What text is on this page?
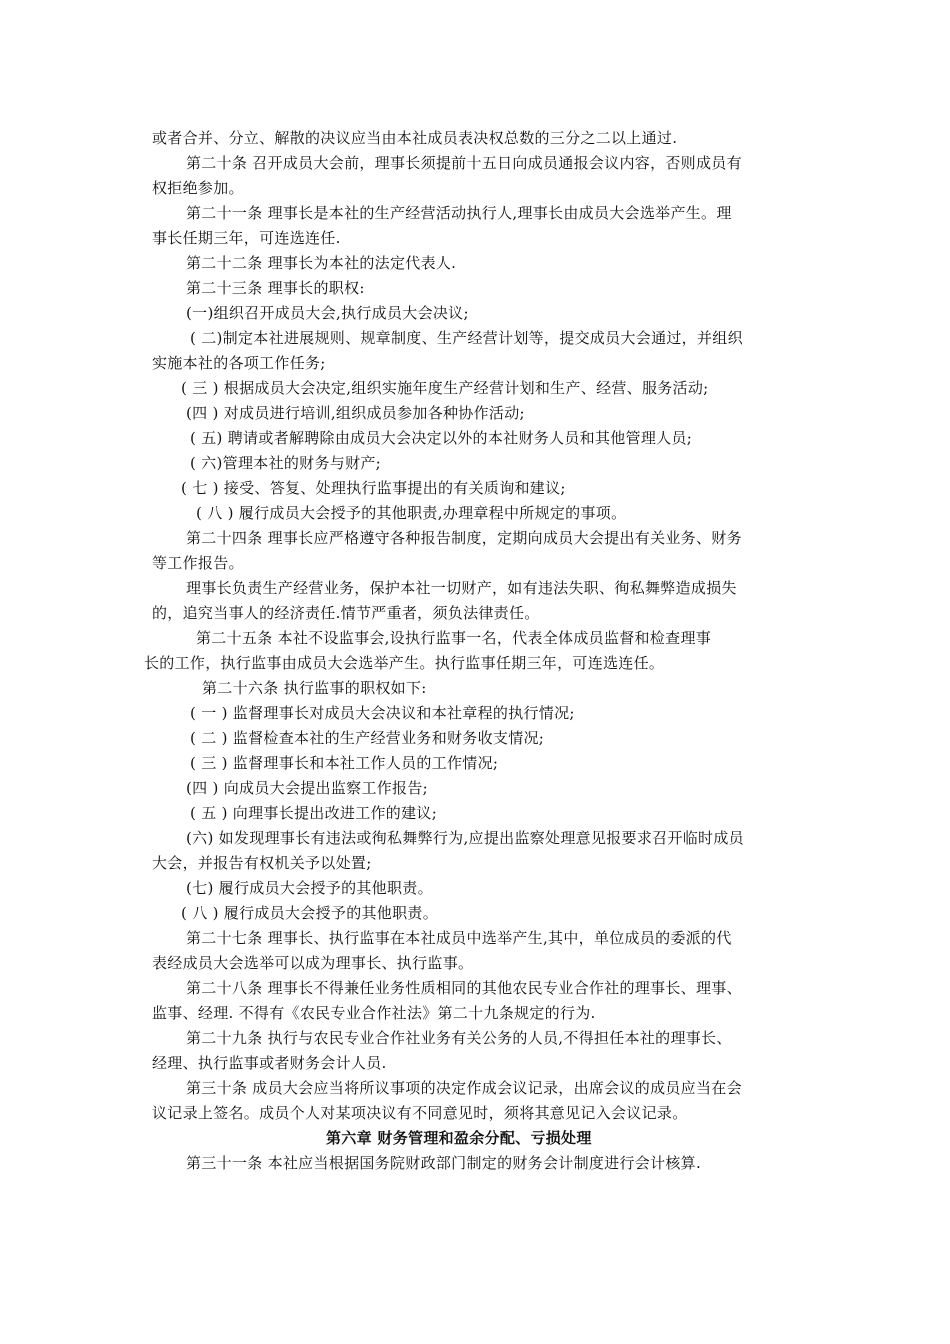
或者合并、分立、解散的决议应当由本社成员表决权总数的三分之二以上通过.
第二十条 召开成员大会前，理事长须提前十五日向成员通报会议内容，否则成员有
权拒绝参加。
第二十一条 理事长是本社的生产经营活动执行人,理事长由成员大会选举产生。理
事长任期三年，可连选连任.
第二十二条 理事长为本社的法定代表人.
第二十三条 理事长的职权:
(一)组织召开成员大会,执行成员大会决议;
( 二)制定本社进展规则、规章制度、生产经营计划等，提交成员大会通过，并组织
实施本社的各项工作任务;
( 三 ) 根据成员大会决定,组织实施年度生产经营计划和生产、经营、服务活动;
(四 ) 对成员进行培训,组织成员参加各种协作活动;
( 五) 聘请或者解聘除由成员大会决定以外的本社财务人员和其他管理人员;
( 六)管理本社的财务与财产;
( 七 ) 接受、答复、处理执行监事提出的有关质询和建议;
( 八 ) 履行成员大会授予的其他职责,办理章程中所规定的事项。
第二十四条 理事长应严格遵守各种报告制度，定期向成员大会提出有关业务、财务
等工作报告。
理事长负责生产经营业务，保护本社一切财产，如有违法失职、徇私舞弊造成损失
的，追究当事人的经济责任.情节严重者，须负法律责任。
第二十五条 本社不设监事会,设执行监事一名，代表全体成员监督和检查理事
长的工作，执行监事由成员大会选举产生。执行监事任期三年，可连选连任。
第二十六条 执行监事的职权如下:
( 一 ) 监督理事长对成员大会决议和本社章程的执行情况;
( 二 ) 监督检查本社的生产经营业务和财务收支情况;
( 三 ) 监督理事长和本社工作人员的工作情况;
(四 ) 向成员大会提出监察工作报告;
( 五 ) 向理事长提出改进工作的建议;
(六) 如发现理事长有违法或徇私舞弊行为,应提出监察处理意见报要求召开临时成员
大会，并报告有权机关予以处置;
(七) 履行成员大会授予的其他职责。
( 八 ) 履行成员大会授予的其他职责。
第二十七条 理事长、执行监事在本社成员中选举产生,其中，单位成员的委派的代
表经成员大会选举可以成为理事长、执行监事。
第二十八条 理事长不得兼任业务性质相同的其他农民专业合作社的理事长、理事、
监事、经理. 不得有《农民专业合作社法》第二十九条规定的行为.
第二十九条 执行与农民专业合作社业务有关公务的人员,不得担任本社的理事长、
经理、执行监事或者财务会计人员.
第三十条 成员大会应当将所议事项的决定作成会议记录，出席会议的成员应当在会
议记录上签名。成员个人对某项决议有不同意见时，须将其意见记入会议记录。
第六章 财务管理和盈余分配、亏损处理
第三十一条 本社应当根据国务院财政部门制定的财务会计制度进行会计核算.
